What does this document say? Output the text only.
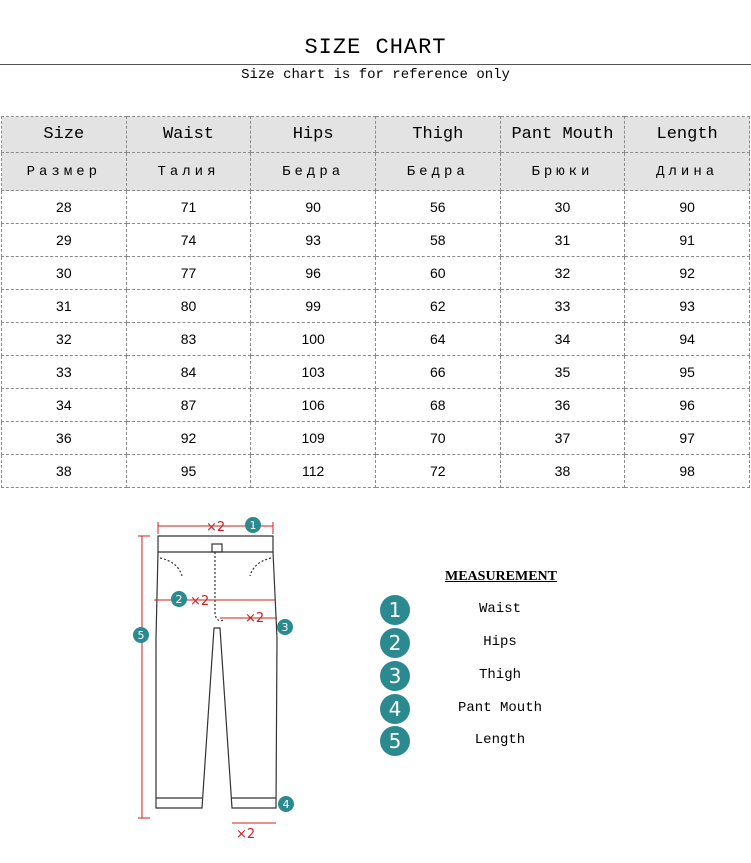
SIZE CHART
Size chart is for reference only
Size	Waist	Hips	Thigh	Pant Mouth	Length
Размер	Талия	Бедра	Бедра	Брюки	Длина
28	71	90	56	30	90
29	74	93	58	31	91
30	77	96	60	32	92
31	80	99	62	33	93
32	83	100	64	34	94
33	84	103	66	35	95
34	87	106	68	36	96
36	92	109	70	37	97
38	95	112	72	38	98
×2
×2
×2
×2
1
2
3
4
5
MEASUREMENT
1	Waist
2	Hips
3	Thigh
4	Pant Mouth
5	Length
